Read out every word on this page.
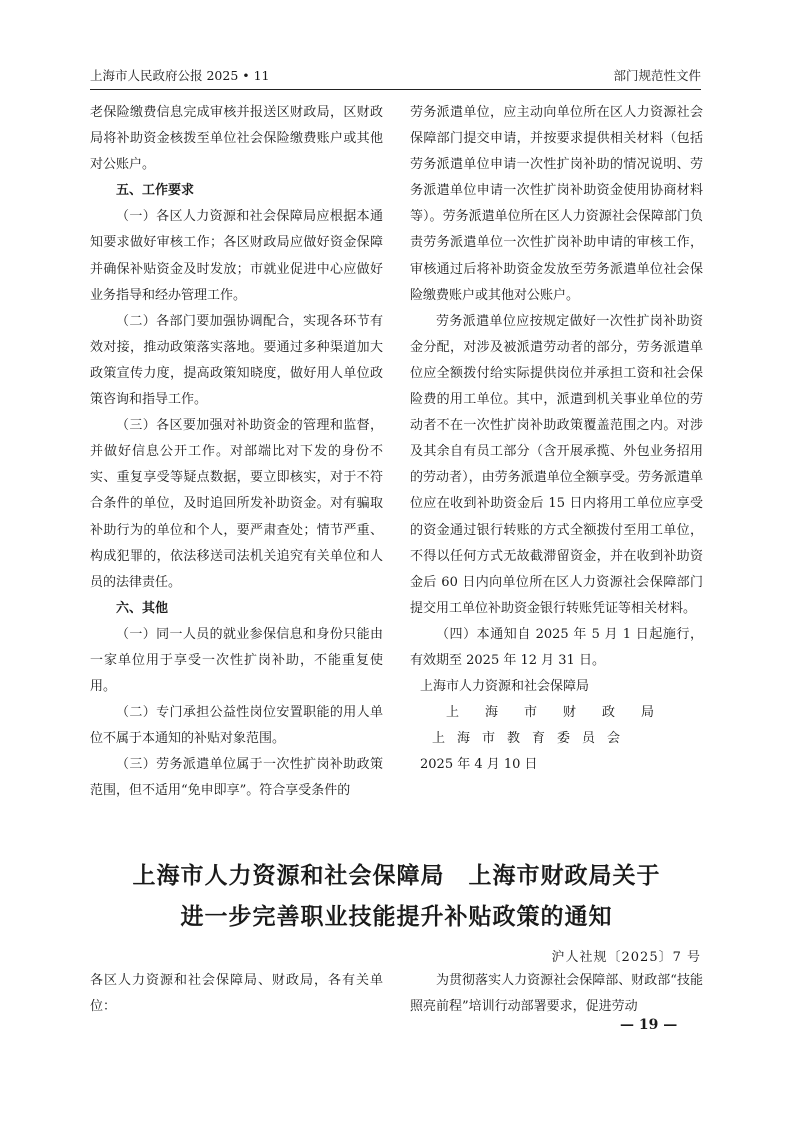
上海市人民政府公报 2025 • 11	部门规范性文件

老保险缴费信息完成审核并报送区财政局，区财政局将补助资金核拨至单位社会保险缴费账户或其他对公账户。

五、工作要求

（一）各区人力资源和社会保障局应根据本通知要求做好审核工作；各区财政局应做好资金保障并确保补贴资金及时发放；市就业促进中心应做好业务指导和经办管理工作。

（二）各部门要加强协调配合，实现各环节有效对接，推动政策落实落地。要通过多种渠道加大政策宣传力度，提高政策知晓度，做好用人单位政策咨询和指导工作。

（三）各区要加强对补助资金的管理和监督，并做好信息公开工作。对部端比对下发的身份不实、重复享受等疑点数据，要立即核实，对于不符合条件的单位，及时追回所发补助资金。对有骗取补助行为的单位和个人，要严肃查处；情节严重、构成犯罪的，依法移送司法机关追究有关单位和人员的法律责任。

六、其他

（一）同一人员的就业参保信息和身份只能由一家单位用于享受一次性扩岗补助，不能重复使用。

（二）专门承担公益性岗位安置职能的用人单位不属于本通知的补贴对象范围。

（三）劳务派遣单位属于一次性扩岗补助政策范围，但不适用“免申即享”。符合享受条件的

劳务派遣单位，应主动向单位所在区人力资源社会保障部门提交申请，并按要求提供相关材料（包括劳务派遣单位申请一次性扩岗补助的情况说明、劳务派遣单位申请一次性扩岗补助资金使用协商材料等）。劳务派遣单位所在区人力资源社会保障部门负责劳务派遣单位一次性扩岗补助申请的审核工作，审核通过后将补助资金发放至劳务派遣单位社会保险缴费账户或其他对公账户。

劳务派遣单位应按规定做好一次性扩岗补助资金分配，对涉及被派遣劳动者的部分，劳务派遣单位应全额拨付给实际提供岗位并承担工资和社会保险费的用工单位。其中，派遣到机关事业单位的劳动者不在一次性扩岗补助政策覆盖范围之内。对涉及其余自有员工部分（含开展承揽、外包业务招用的劳动者），由劳务派遣单位全额享受。劳务派遣单位应在收到补助资金后 15 日内将用工单位应享受的资金通过银行转账的方式全额拨付至用工单位，不得以任何方式无故截滞留资金，并在收到补助资金后 60 日内向单位所在区人力资源社会保障部门提交用工单位补助资金银行转账凭证等相关材料。

（四）本通知自 2025 年 5 月 1 日起施行，有效期至 2025 年 12 月 31 日。

上海市人力资源和社会保障局

上海市财政局

上海市教育委员会

2025 年 4 月 10 日

上海市人力资源和社会保障局　上海市财政局关于
进一步完善职业技能提升补贴政策的通知
沪人社规〔2025〕7 号

各区人力资源和社会保障局、财政局，各有关单位：

为贯彻落实人力资源社会保障部、财政部“技能照亮前程”培训行动部署要求，促进劳动

— 19 —
